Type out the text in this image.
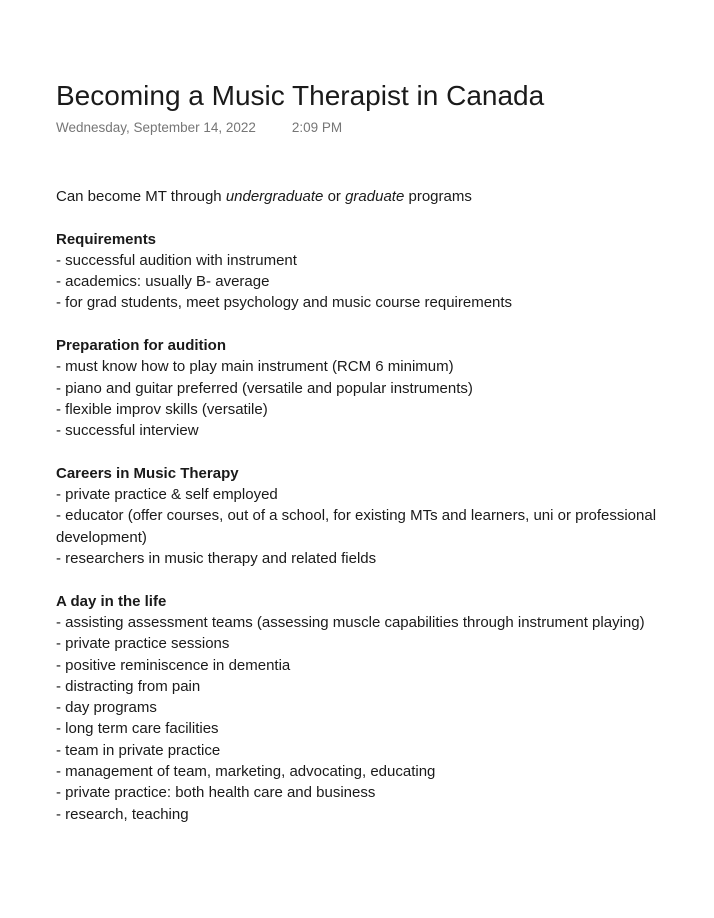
Becoming a Music Therapist in Canada
Wednesday, September 14, 2022	2:09 PM

Can become MT through undergraduate or graduate programs

Requirements

- successful audition with instrument

- academics: usually B- average

- for grad students, meet psychology and music course requirements

Preparation for audition

- must know how to play main instrument (RCM 6 minimum)

- piano and guitar preferred (versatile and popular instruments)

- flexible improv skills (versatile)

- successful interview

Careers in Music Therapy

- private practice & self employed

- educator (offer courses, out of a school, for existing MTs and learners, uni or professional development)

- researchers in music therapy and related fields

A day in the life

- assisting assessment teams (assessing muscle capabilities through instrument playing)

- private practice sessions

- positive reminiscence in dementia

- distracting from pain

- day programs

- long term care facilities

- team in private practice

- management of team, marketing, advocating, educating

- private practice: both health care and business

- research, teaching
